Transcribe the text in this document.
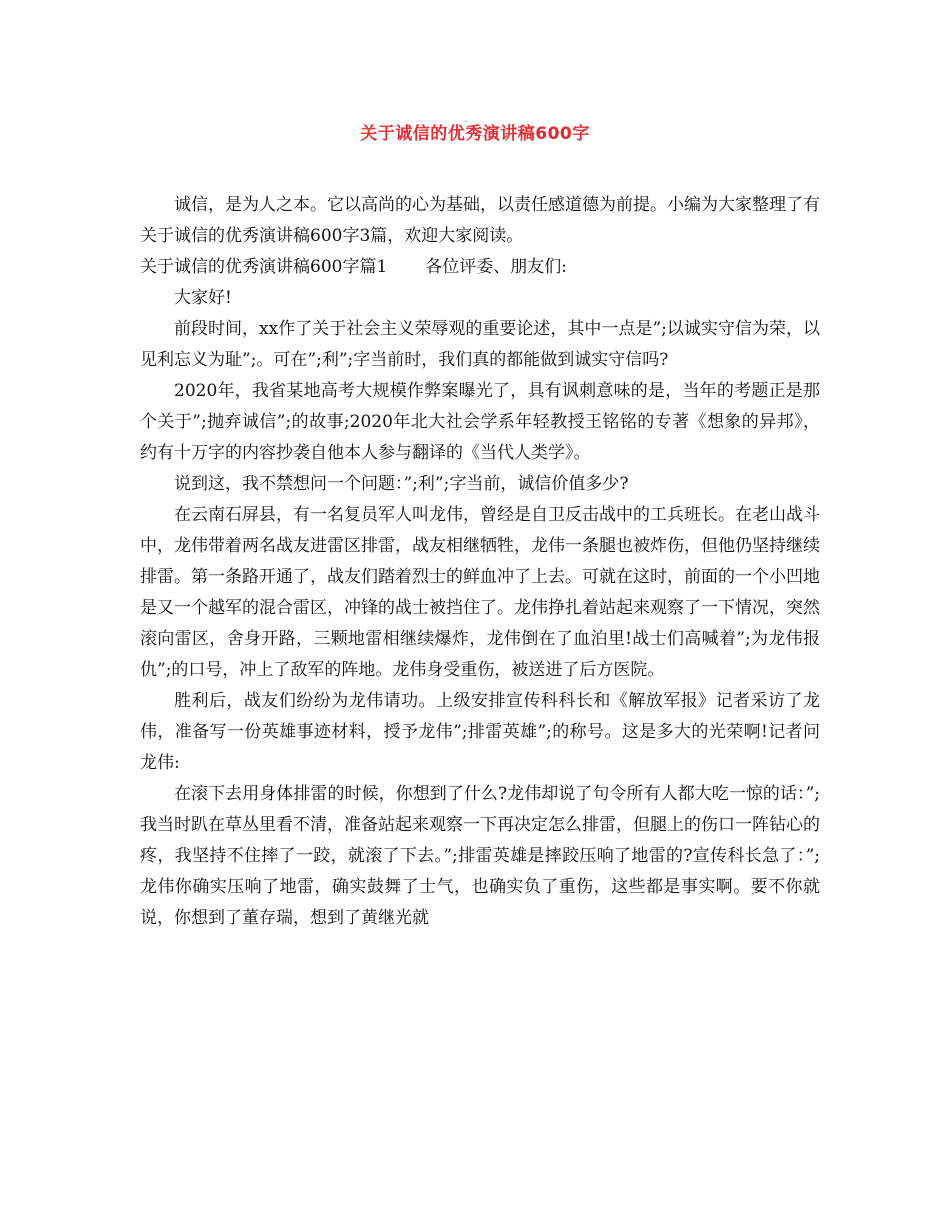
关于诚信的优秀演讲稿600字

诚信，是为人之本。它以高尚的心为基础，以责任感道德为前提。小编为大家整理了有关于诚信的优秀演讲稿600字3篇，欢迎大家阅读。

关于诚信的优秀演讲稿600字篇1 各位评委、朋友们:

大家好!

前段时间，xx作了关于社会主义荣辱观的重要论述，其中一点是”;以诚实守信为荣，以见利忘义为耻”;。可在”;利”;字当前时，我们真的都能做到诚实守信吗?

2020年，我省某地高考大规模作弊案曝光了，具有讽刺意味的是，当年的考题正是那个关于”;抛弃诚信”;的故事;2020年北大社会学系年轻教授王铭铭的专著《想象的异邦》，约有十万字的内容抄袭自他本人参与翻译的《当代人类学》。

说到这，我不禁想问一个问题：”;利”;字当前，诚信价值多少?

在云南石屏县，有一名复员军人叫龙伟，曾经是自卫反击战中的工兵班长。在老山战斗中，龙伟带着两名战友进雷区排雷，战友相继牺牲，龙伟一条腿也被炸伤，但他仍坚持继续排雷。第一条路开通了，战友们踏着烈士的鲜血冲了上去。可就在这时，前面的一个小凹地是又一个越军的混合雷区，冲锋的战士被挡住了。龙伟挣扎着站起来观察了一下情况，突然滚向雷区，舍身开路，三颗地雷相继续爆炸，龙伟倒在了血泊里!战士们高喊着”;为龙伟报仇”;的口号，冲上了敌军的阵地。龙伟身受重伤，被送进了后方医院。

胜利后，战友们纷纷为龙伟请功。上级安排宣传科科长和《解放军报》记者采访了龙伟，准备写一份英雄事迹材料，授予龙伟”;排雷英雄”;的称号。这是多大的光荣啊!记者问龙伟:

在滚下去用身体排雷的时候，你想到了什么?龙伟却说了句令所有人都大吃一惊的话：”;我当时趴在草丛里看不清，准备站起来观察一下再决定怎么排雷，但腿上的伤口一阵钻心的疼，我坚持不住摔了一跤，就滚了下去。”;排雷英雄是摔跤压响了地雷的?宣传科长急了：”;龙伟你确实压响了地雷，确实鼓舞了士气，也确实负了重伤，这些都是事实啊。要不你就说，你想到了董存瑞，想到了黄继光就
